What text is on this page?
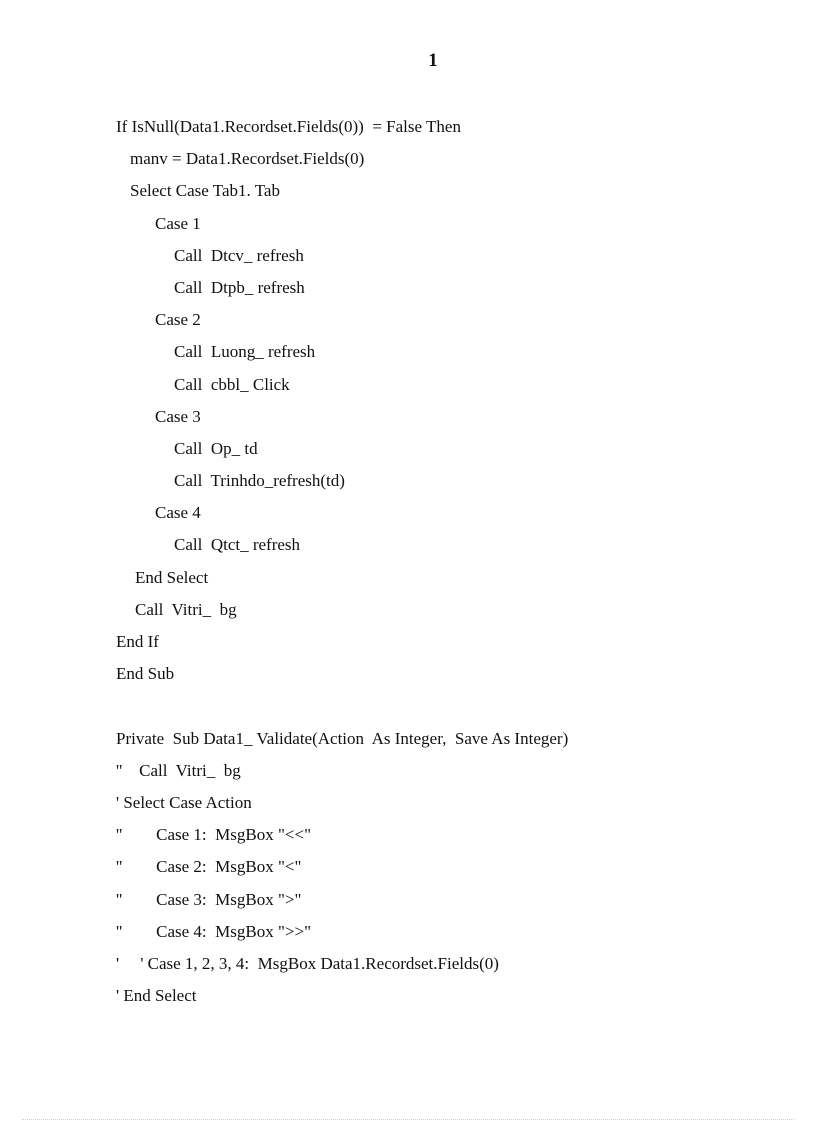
1
If IsNull(Data1.Recordset.Fields(0))  = False Then
manv = Data1.Recordset.Fields(0)
Select Case Tab1. Tab
Case 1
Call  Dtcv_ refresh
Call  Dtpb_ refresh
Case 2
Call  Luong_ refresh
Call  cbbl_ Click
Case 3
Call  Op_ td
Call  Trinhdo_refresh(td)
Case 4
Call  Qtct_ refresh
End Select
Call  Vitri_  bg
End If
End Sub
Private  Sub Data1_ Validate(Action  As Integer,  Save As Integer)
''    Call  Vitri_  bg
' Select Case Action
''        Case 1:  MsgBox "<<"
''        Case 2:  MsgBox "<"
''        Case 3:  MsgBox ">"
''        Case 4:  MsgBox ">>"
'     ' Case 1, 2, 3, 4:  MsgBox Data1.Recordset.Fields(0)
' End Select
